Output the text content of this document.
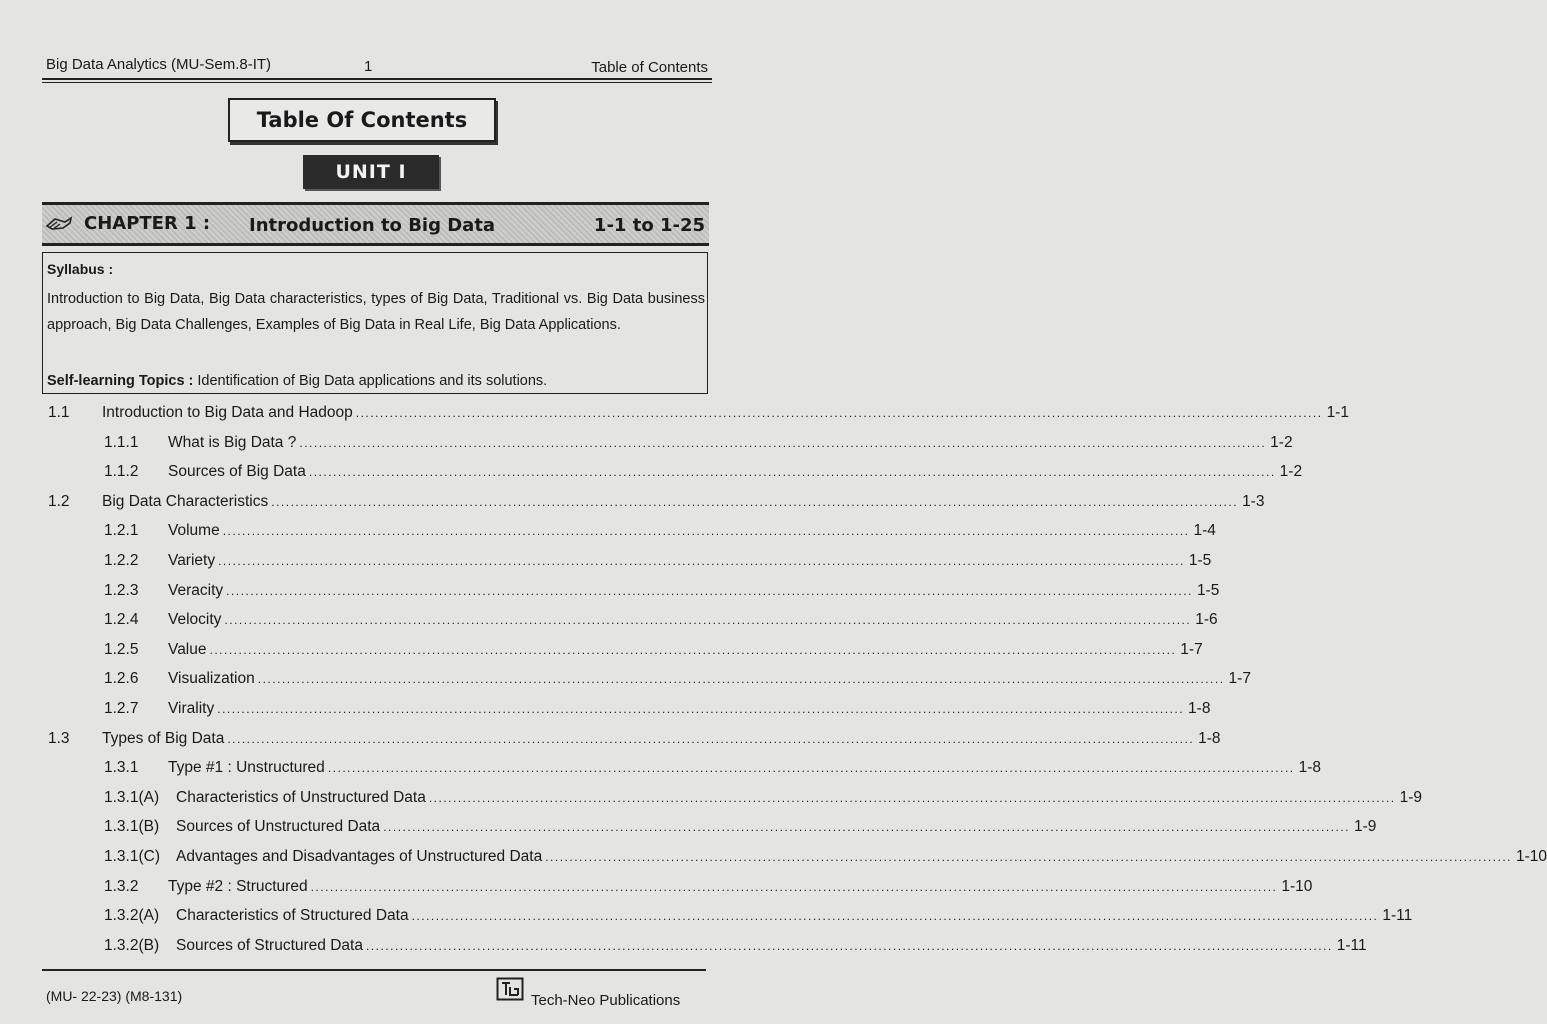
Big Data Analytics (MU-Sem.8-IT)	1	Table of Contents
Table Of Contents
UNIT I
CHAPTER 1 : Introduction to Big Data	1-1 to 1-25
Syllabus :
Introduction to Big Data, Big Data characteristics, types of Big Data, Traditional vs. Big Data business approach, Big Data Challenges, Examples of Big Data in Real Life, Big Data Applications.
Self-learning Topics : Identification of Big Data applications and its solutions.
1.1 Introduction to Big Data and Hadoop ........................................................................................................................................................................................................ 1-1
1.1.1 What is Big Data ? ........................................................................................................................................................................................................ 1-2
1.1.2 Sources of Big Data ........................................................................................................................................................................................................ 1-2
1.2 Big Data Characteristics ........................................................................................................................................................................................................ 1-3
1.2.1 Volume ........................................................................................................................................................................................................ 1-4
1.2.2 Variety ........................................................................................................................................................................................................ 1-5
1.2.3 Veracity ........................................................................................................................................................................................................ 1-5
1.2.4 Velocity ........................................................................................................................................................................................................ 1-6
1.2.5 Value ........................................................................................................................................................................................................ 1-7
1.2.6 Visualization ........................................................................................................................................................................................................ 1-7
1.2.7 Virality ........................................................................................................................................................................................................ 1-8
1.3 Types of Big Data ........................................................................................................................................................................................................ 1-8
1.3.1 Type #1 : Unstructured ........................................................................................................................................................................................................ 1-8
1.3.1(A) Characteristics of Unstructured Data ........................................................................................................................................................................................................ 1-9
1.3.1(B) Sources of Unstructured Data ........................................................................................................................................................................................................ 1-9
1.3.1(C) Advantages and Disadvantages of Unstructured Data ........................................................................................................................................................................................................ 1-10
1.3.2 Type #2 : Structured ........................................................................................................................................................................................................ 1-10
1.3.2(A) Characteristics of Structured Data ........................................................................................................................................................................................................ 1-11
1.3.2(B) Sources of Structured Data ........................................................................................................................................................................................................ 1-11
(MU- 22-23) (M8-131)	Tech-Neo Publications
